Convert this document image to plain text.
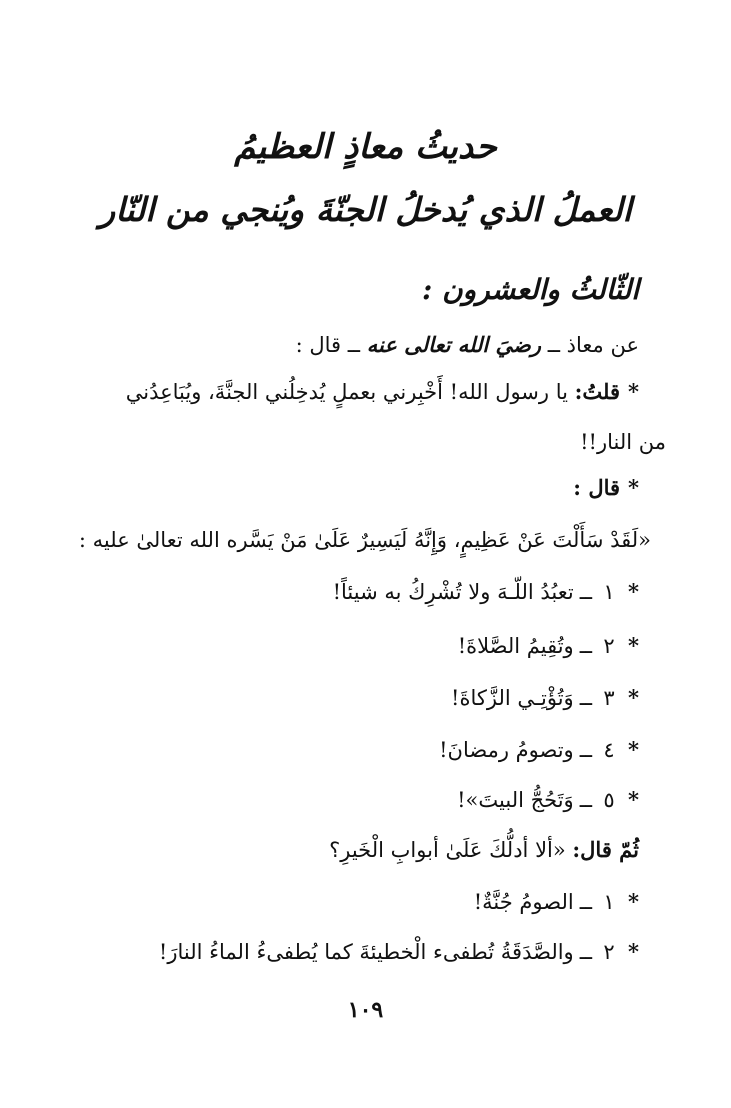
حديثُ معاذٍ العظيمُ
العملُ الذي يُدخلُ الجنّةَ ويُنجي من النّار
الثّالثُ والعشرون :
عن معاذ ــ رضيَ الله تعالى عنه ــ قال :
*قلتُ: يا رسول الله! أَخْبِرني بعملٍ يُدخِلُني الجنَّةَ، ويُبَاعِدُني
من النار!!
*قال :
«لَقَدْ سَأَلْتَ عَنْ عَظِيمٍ، وَإِنَّهُ لَيَسِيرٌ عَلَىٰ مَنْ يَسَّره الله تعالىٰ عليه :
*١ــتعبُدُ اللّـهَ ولا تُشْرِكُ به شيئاً!
*٢ــوتُقِيمُ الصَّلاةَ!
*٣ــوَتُؤْتِـي الزَّكاةَ!
*٤ــوتصومُ رمضانَ!
*٥ــوَتَحُجُّ البيتَ»!
ثُمّ قال: «ألا أدلُّكَ عَلَىٰ أبوابِ الْخَيرِ؟
*١ــالصومُ جُنَّةٌ!
*٢ــوالصَّدَقَةُ تُطفىء الْخطيئةَ كما يُطفىءُ الماءُ النارَ!
١٠٩
